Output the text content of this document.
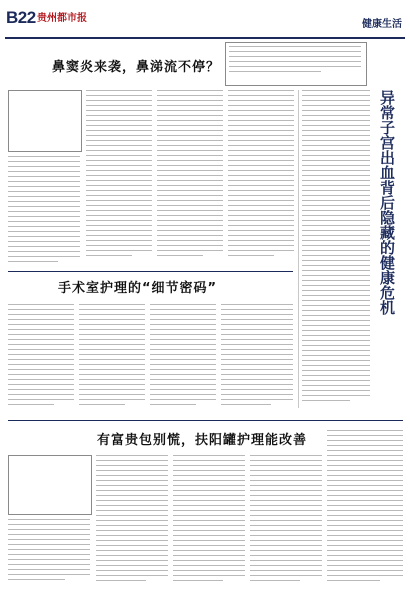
B22 贵州都市报
健康生活
鼻窦炎来袭，鼻涕流不停？
手术室护理的“细节密码”	异常子宫出血背后隐藏的健康危机
有富贵包别慌，扶阳罐护理能改善
